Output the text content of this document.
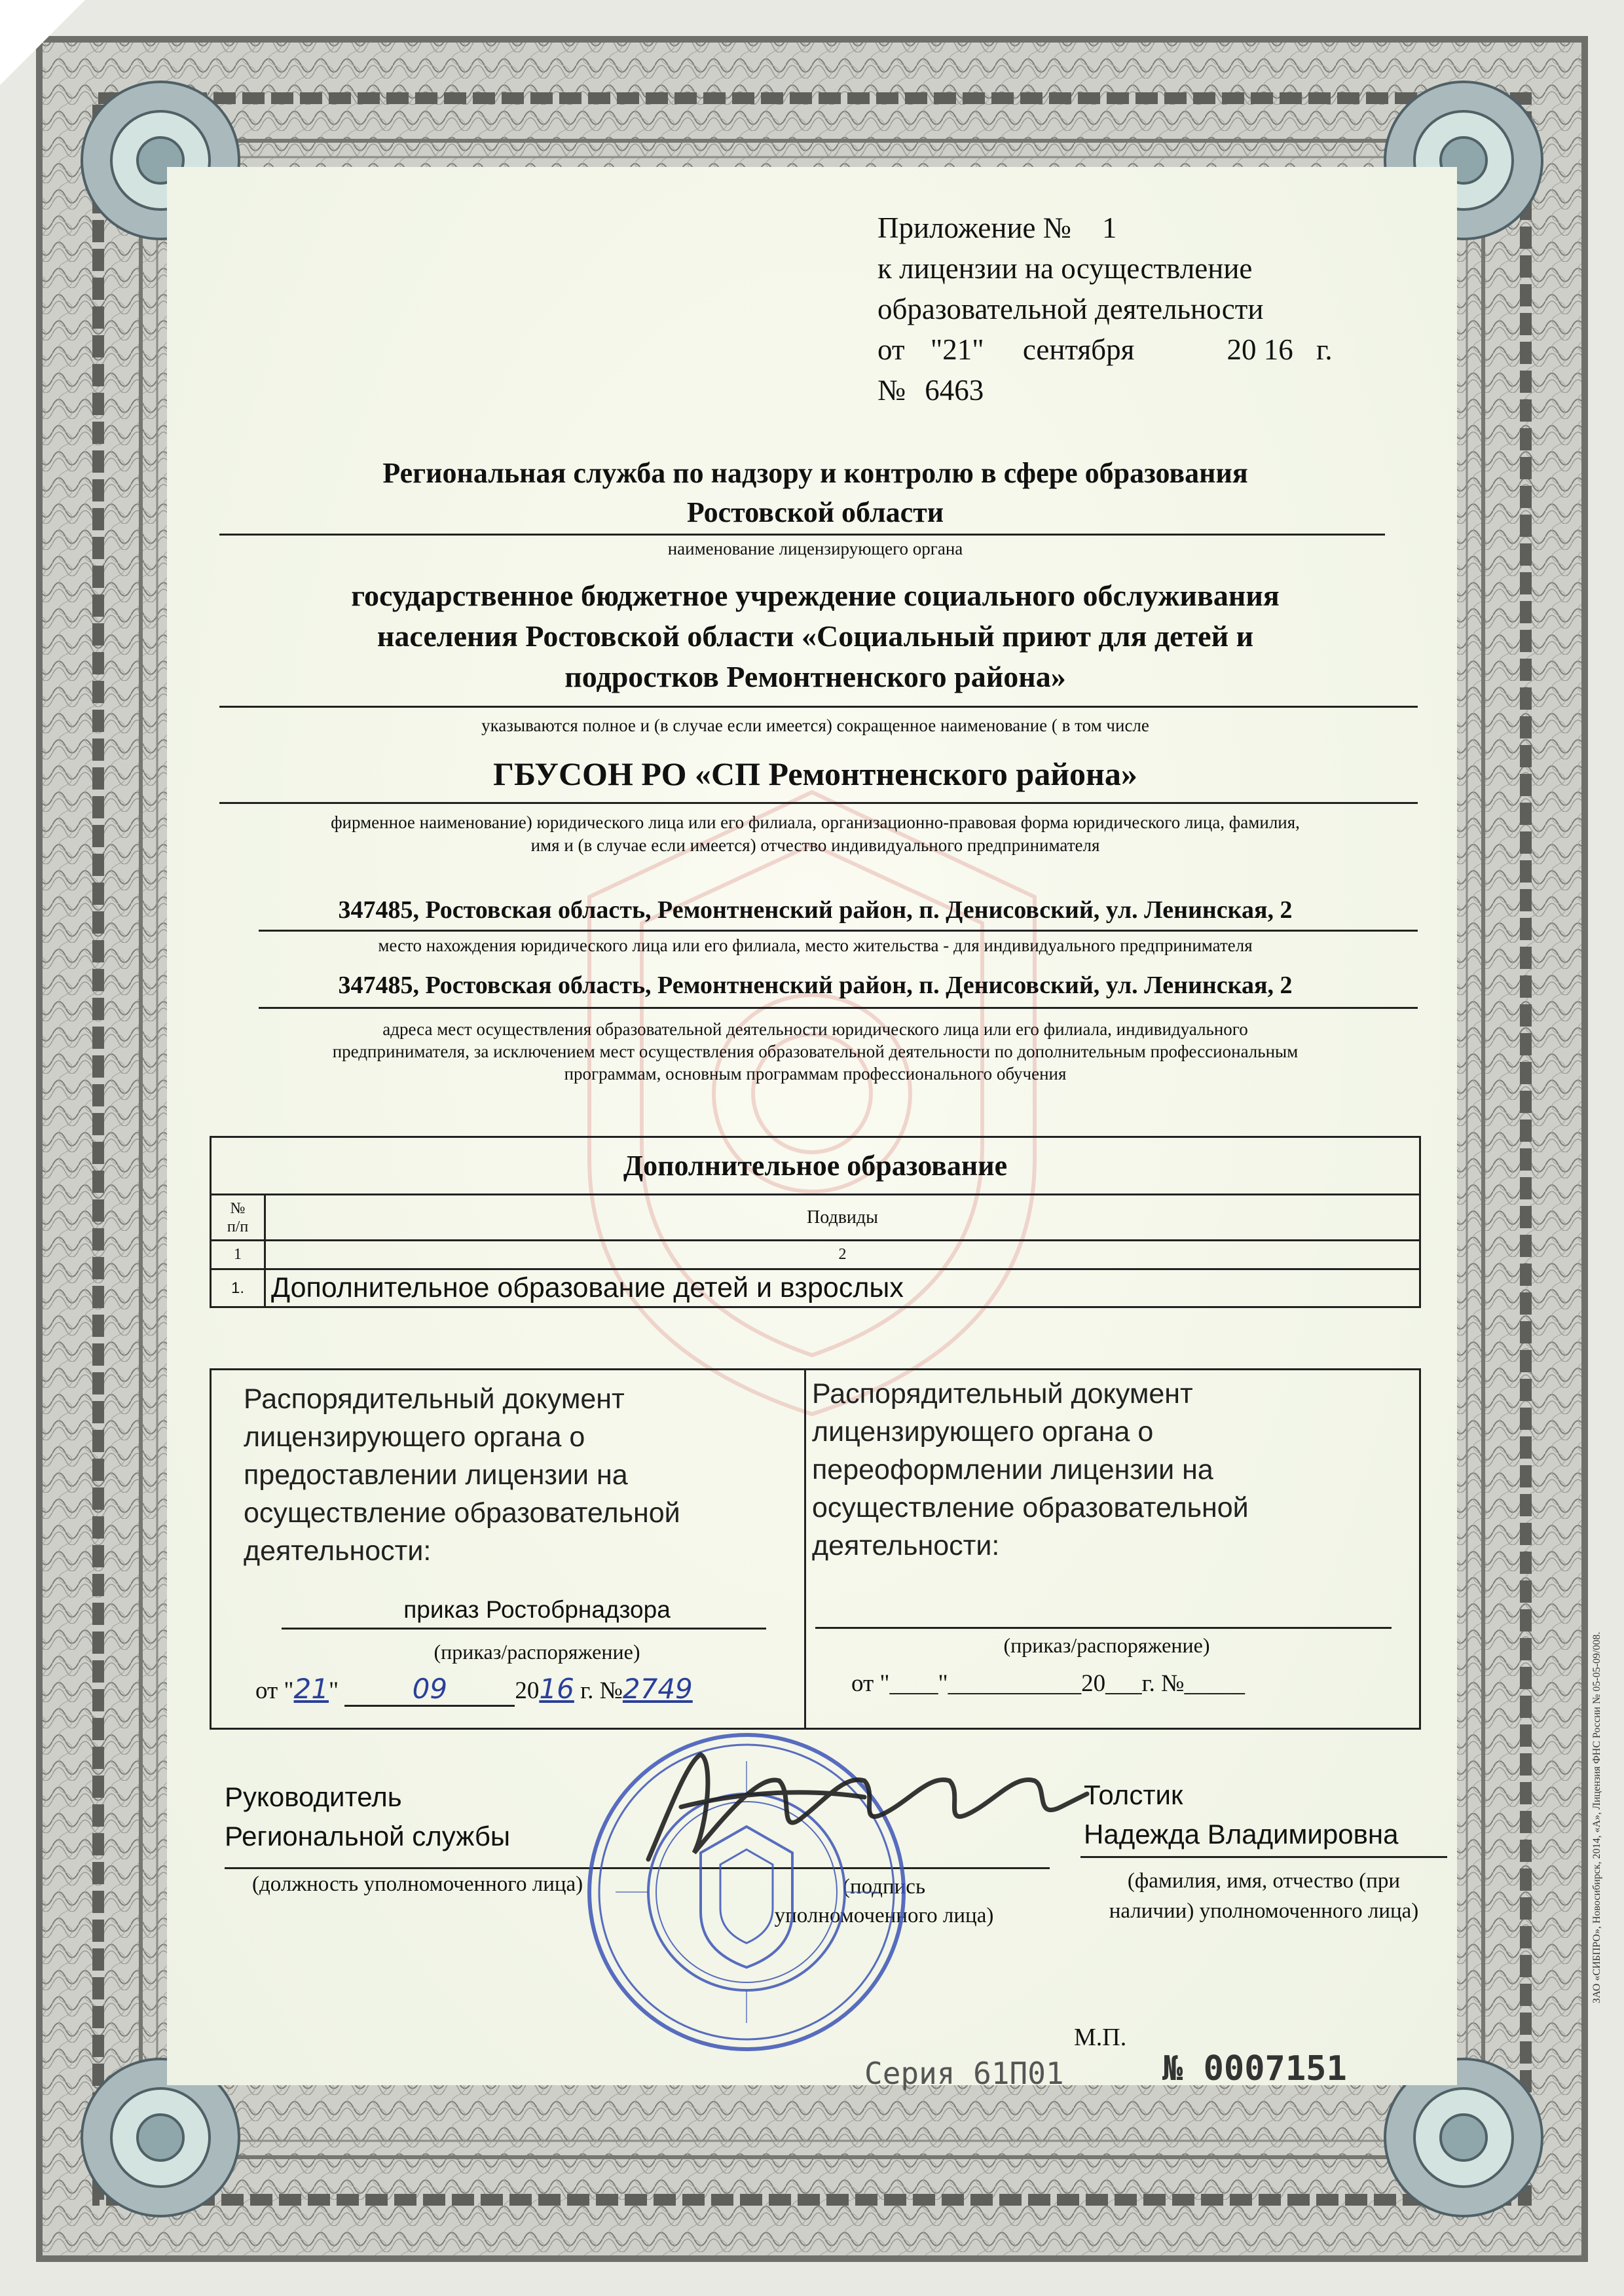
Приложение № 1
к лицензии на осуществление
образовательной деятельности
от "21" сентября	20 16 г.
№ 6463
Региональная служба по надзору и контролю в сфере образования
Ростовской области
наименование лицензирующего органа
государственное бюджетное учреждение социального обслуживания
населения Ростовской области «Социальный приют для детей и
подростков Ремонтненского района»
указываются полное и (в случае если имеется) сокращенное наименование ( в том числе
ГБУСОН РО «СП Ремонтненского района»
фирменное наименование) юридического лица или его филиала, организационно-правовая форма юридического лица, фамилия,
имя и (в случае если имеется) отчество индивидуального предпринимателя
347485, Ростовская область, Ремонтненский район, п. Денисовский, ул. Ленинская, 2
место нахождения юридического лица или его филиала, место жительства - для индивидуального предпринимателя
347485, Ростовская область, Ремонтненский район, п. Денисовский, ул. Ленинская, 2
адреса мест осуществления образовательной деятельности юридического лица или его филиала, индивидуального
предпринимателя, за исключением мест осуществления образовательной деятельности по дополнительным профессиональным
программам, основным программам профессионального обучения
Дополнительное образование	

№
п/п	Подвиды
1	2
1.	Дополнительное образование детей и взрослых
Распорядительный документ
лицензирующего органа о
предоставлении лицензии на
осуществление образовательной
деятельности:
приказ Ростобрнадзора
(приказ/распоряжение)
от "21"	09	2016 г. №2749
Распорядительный документ
лицензирующего органа о
переоформлении лицензии на
осуществление образовательной
деятельности:
(приказ/распоряжение)
от "____"___________20___г. №_____
Руководитель
Региональной службы
(должность уполномоченного лица)	(подпись
уполномоченного лица)
Толстик
Надежда Владимировна
(фамилия, имя, отчество (при
наличии) уполномоченного лица)
М.П.
Серия 61П01	№ 0007151
ЗАО «СИБПРО», Новосибирск, 2014, «А», Лицензия ФНС России № 05-05-09/008.
